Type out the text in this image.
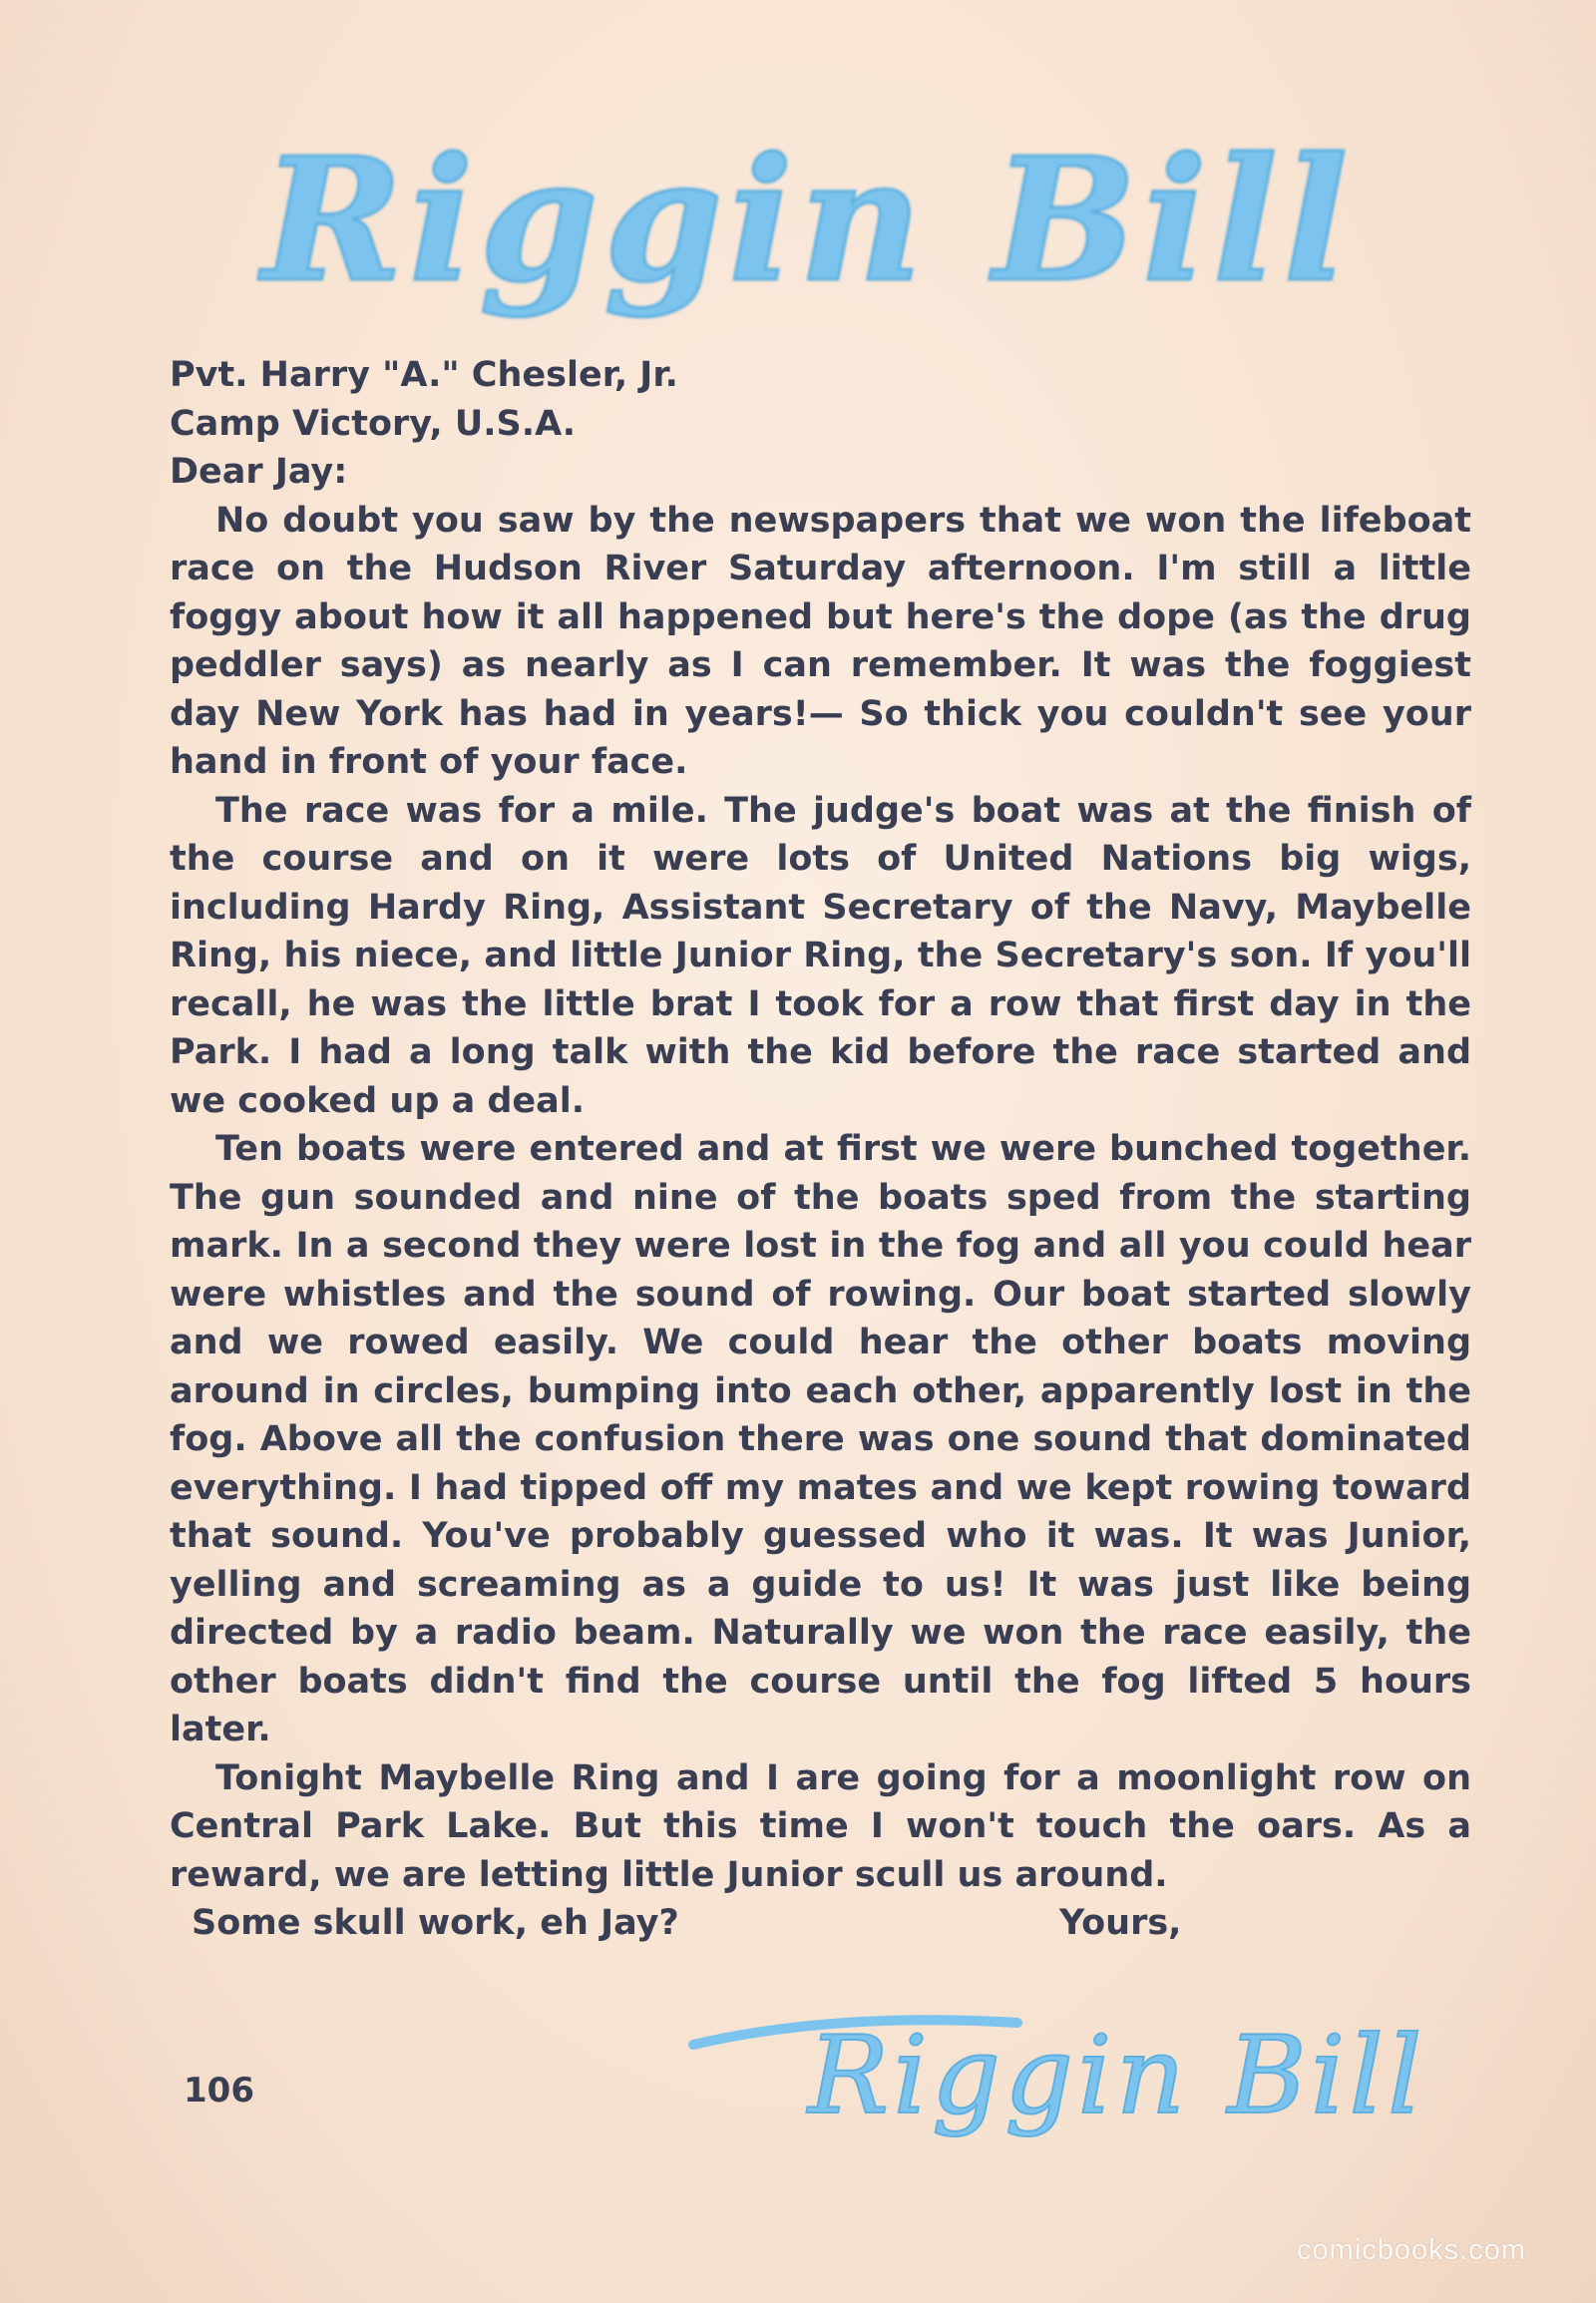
Riggin Bill
Pvt. Harry "A." Chesler, Jr.
Camp Victory, U.S.A.
Dear Jay:

No doubt you saw by the newspapers that we won the lifeboat race on the Hudson River Saturday afternoon. I'm still a little foggy about how it all happened but here's the dope (as the drug peddler says) as nearly as I can remember. It was the foggiest day New York has had in years!— So thick you couldn't see your hand in front of your face.

The race was for a mile. The judge's boat was at the finish of the course and on it were lots of United Nations big wigs, including Hardy Ring, Assistant Secretary of the Navy, Maybelle Ring, his niece, and little Junior Ring, the Secretary's son. If you'll recall, he was the little brat I took for a row that first day in the Park. I had a long talk with the kid before the race started and we cooked up a deal.

Ten boats were entered and at first we were bunched together. The gun sounded and nine of the boats sped from the starting mark. In a second they were lost in the fog and all you could hear were whistles and the sound of rowing. Our boat started slowly and we rowed easily. We could hear the other boats moving around in circles, bumping into each other, apparently lost in the fog. Above all the confusion there was one sound that dominated everything. I had tipped off my mates and we kept rowing toward that sound. You've probably guessed who it was. It was Junior, yelling and screaming as a guide to us! It was just like being directed by a radio beam. Naturally we won the race easily, the other boats didn't find the course until the fog lifted 5 hours later.

Tonight Maybelle Ring and I are going for a moonlight row on Central Park Lake. But this time I won't touch the oars. As a reward, we are letting little Junior scull us around.

Some skull work, eh Jay?	Yours,
Riggin Bill
106
comicbooks.com
